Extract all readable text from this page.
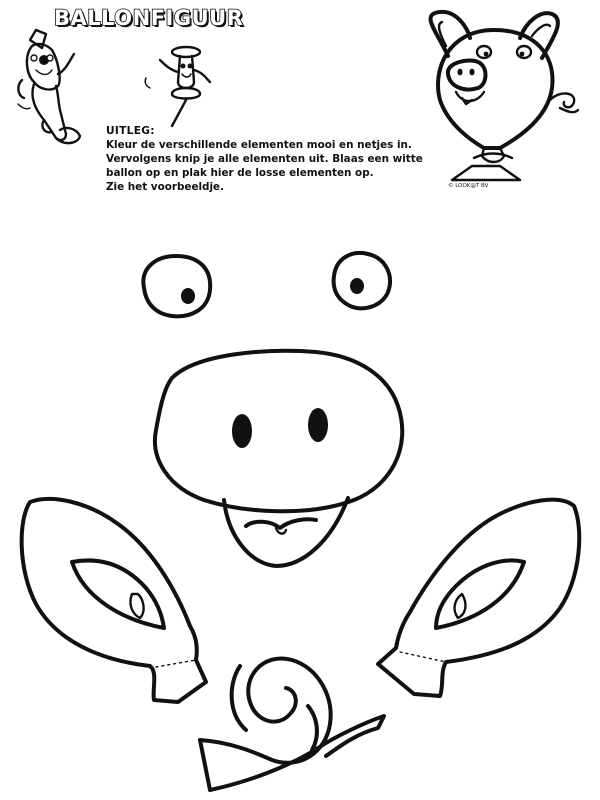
BALLONFIGUUR
UITLEG:
Kleur de verschillende elementen mooi en netjes in.
Vervolgens knip je alle elementen uit. Blaas een witte
ballon op en plak hier de losse elementen op.
Zie het voorbeeldje.	© LOOK@T BV
